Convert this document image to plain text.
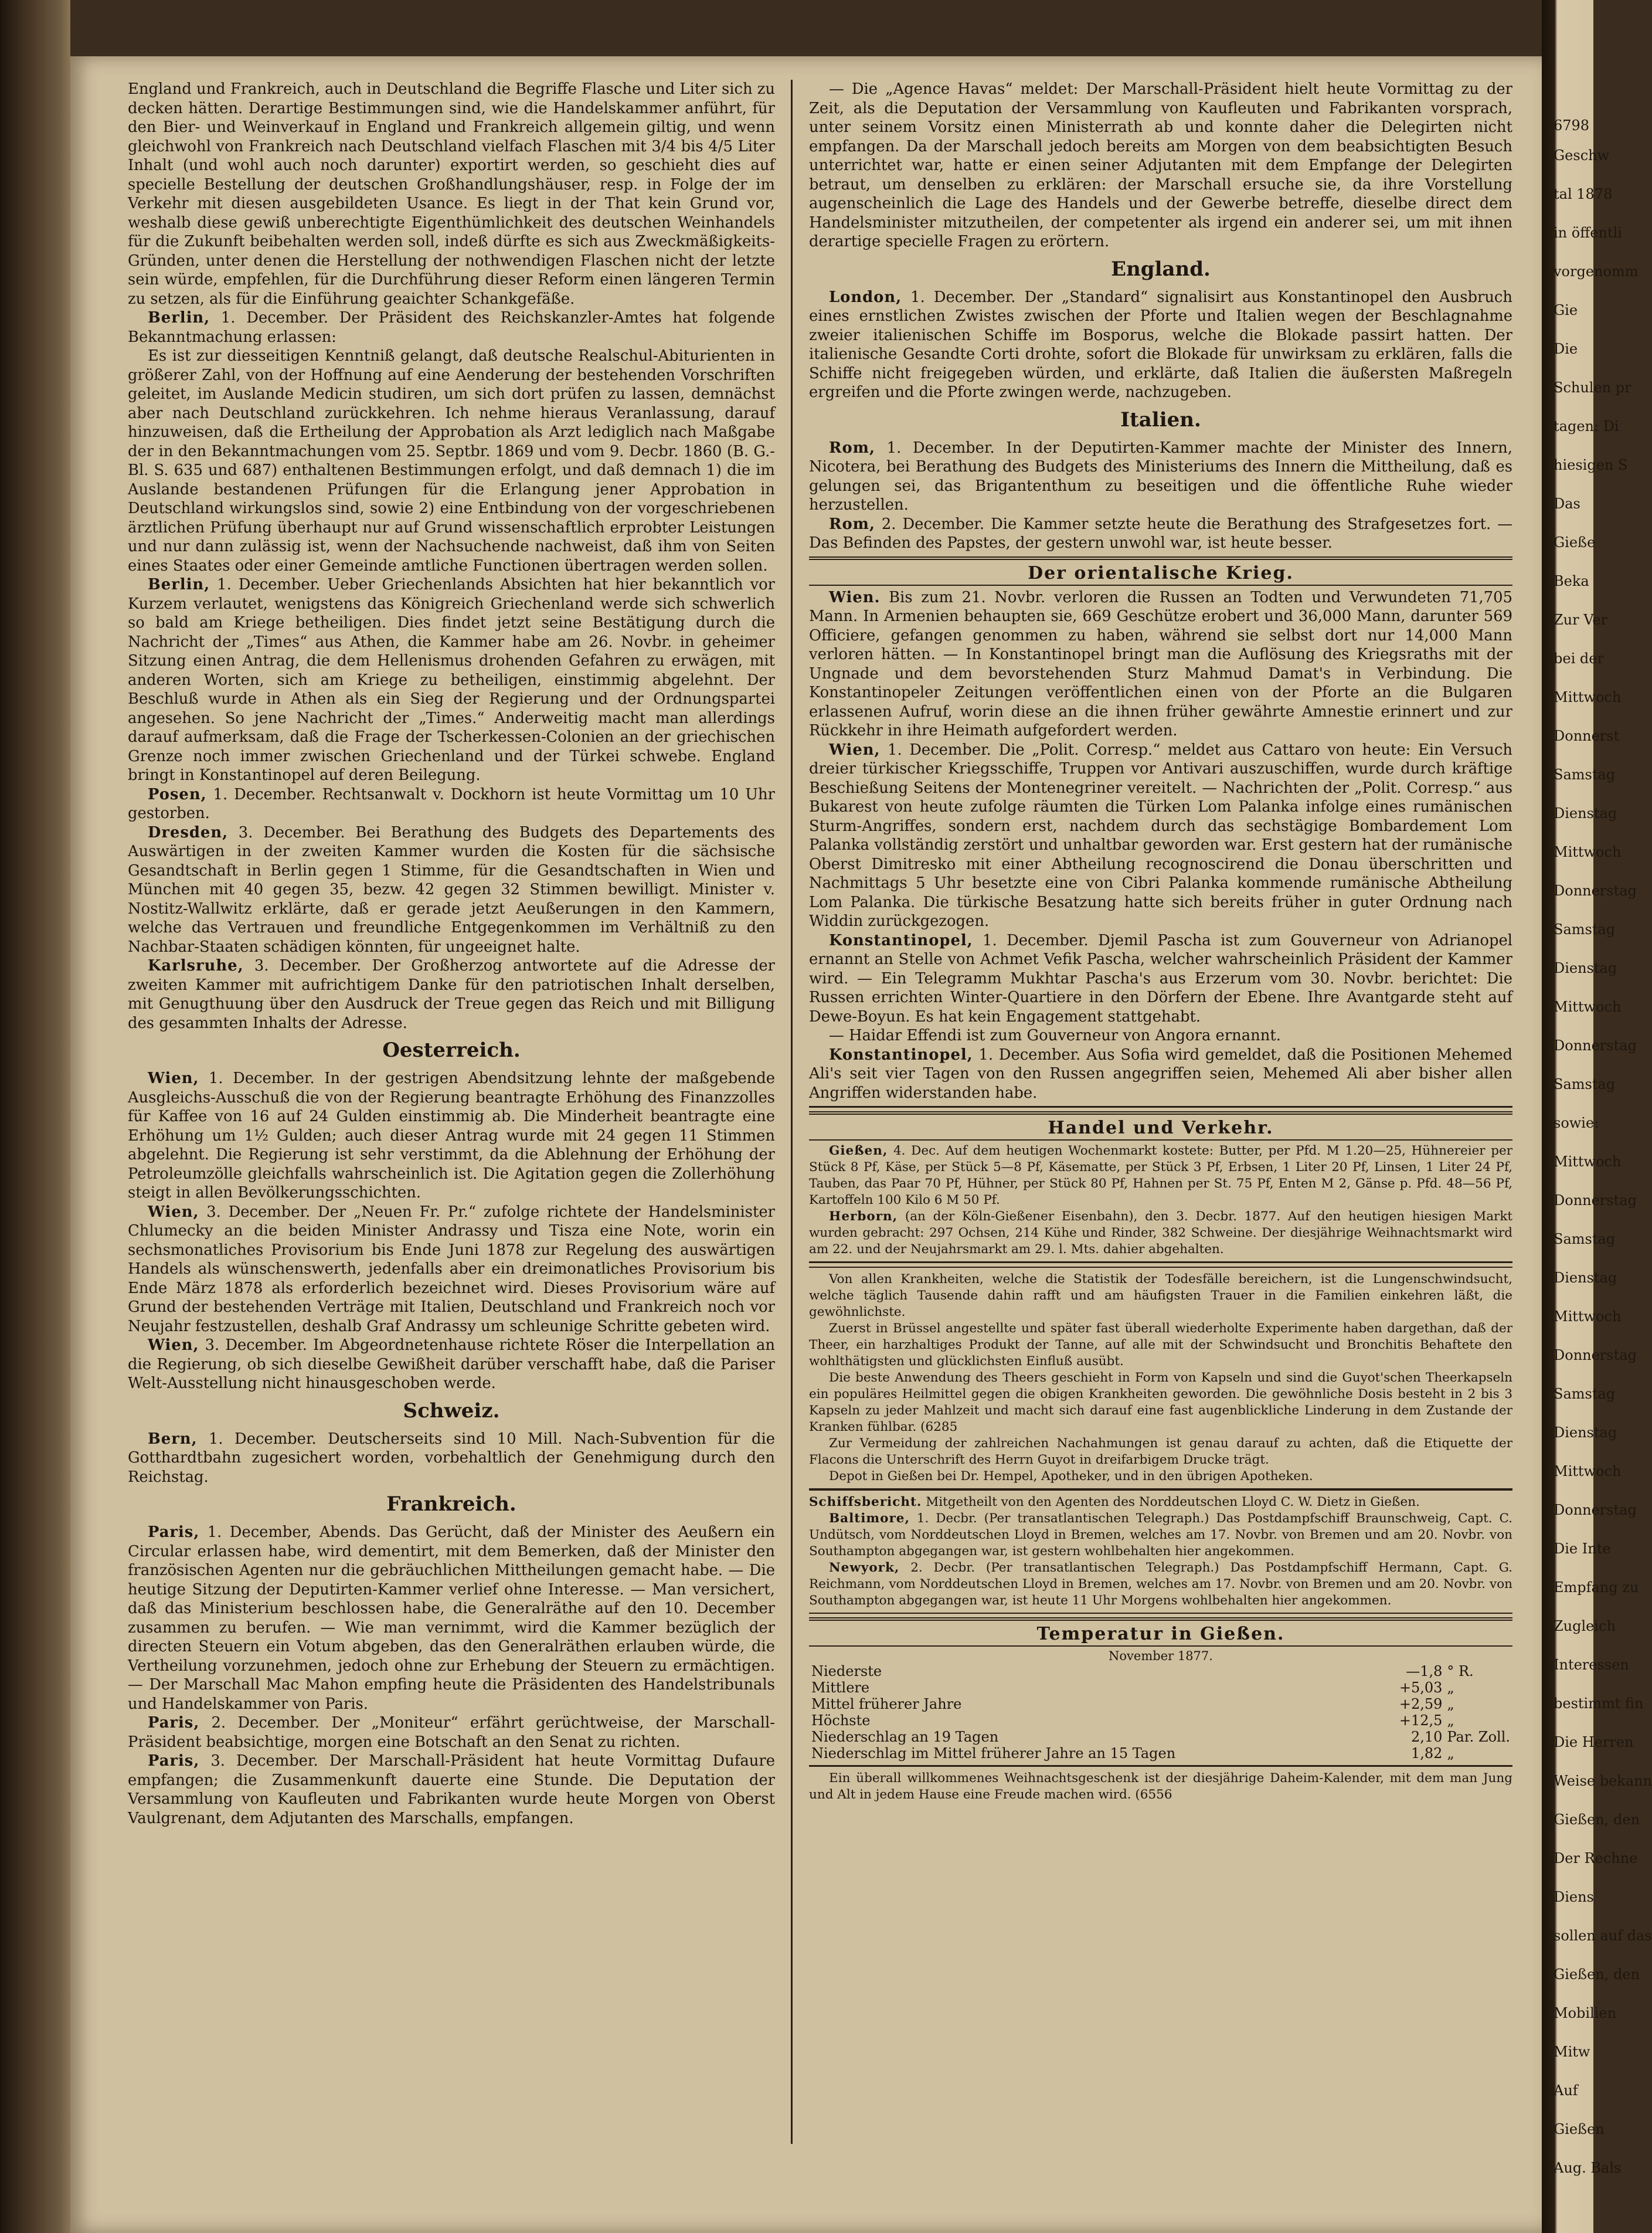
England und Frankreich, auch in Deutschland die Begriffe Flasche und Liter sich zu decken hätten. Derartige Bestimmungen sind, wie die Handelskammer anführt, für den Bier- und Weinverkauf in England und Frankreich allgemein giltig, und wenn gleichwohl von Frankreich nach Deutschland vielfach Flaschen mit 3/4 bis 4/5 Liter Inhalt (und wohl auch noch darunter) exportirt werden, so geschieht dies auf specielle Bestellung der deutschen Großhandlungshäuser, resp. in Folge der im Verkehr mit diesen ausgebildeten Usance. Es liegt in der That kein Grund vor, weshalb diese gewiß unberechtigte Eigenthümlichkeit des deutschen Weinhandels für die Zukunft beibehalten werden soll, indeß dürfte es sich aus Zweckmäßigkeits-Gründen, unter denen die Herstellung der nothwendigen Flaschen nicht der letzte sein würde, empfehlen, für die Durchführung dieser Reform einen längeren Termin zu setzen, als für die Einführung geaichter Schankgefäße.

Berlin, 1. December. Der Präsident des Reichskanzler-Amtes hat folgende Bekanntmachung erlassen:

Es ist zur diesseitigen Kenntniß gelangt, daß deutsche Realschul-Abiturienten in größerer Zahl, von der Hoffnung auf eine Aenderung der bestehenden Vorschriften geleitet, im Auslande Medicin studiren, um sich dort prüfen zu lassen, demnächst aber nach Deutschland zurückkehren. Ich nehme hieraus Veranlassung, darauf hinzuweisen, daß die Ertheilung der Approbation als Arzt lediglich nach Maßgabe der in den Bekanntmachungen vom 25. Septbr. 1869 und vom 9. Decbr. 1860 (B. G.-Bl. S. 635 und 687) enthaltenen Bestimmungen erfolgt, und daß demnach 1) die im Auslande bestandenen Prüfungen für die Erlangung jener Approbation in Deutschland wirkungslos sind, sowie 2) eine Entbindung von der vorgeschriebenen ärztlichen Prüfung überhaupt nur auf Grund wissenschaftlich erprobter Leistungen und nur dann zulässig ist, wenn der Nachsuchende nachweist, daß ihm von Seiten eines Staates oder einer Gemeinde amtliche Functionen übertragen werden sollen.

Berlin, 1. December. Ueber Griechenlands Absichten hat hier bekanntlich vor Kurzem verlautet, wenigstens das Königreich Griechenland werde sich schwerlich so bald am Kriege betheiligen. Dies findet jetzt seine Bestätigung durch die Nachricht der „Times“ aus Athen, die Kammer habe am 26. Novbr. in geheimer Sitzung einen Antrag, die dem Hellenismus drohenden Gefahren zu erwägen, mit anderen Worten, sich am Kriege zu betheiligen, einstimmig abgelehnt. Der Beschluß wurde in Athen als ein Sieg der Regierung und der Ordnungspartei angesehen. So jene Nachricht der „Times.“ Anderweitig macht man allerdings darauf aufmerksam, daß die Frage der Tscherkessen-Colonien an der griechischen Grenze noch immer zwischen Griechenland und der Türkei schwebe. England bringt in Konstantinopel auf deren Beilegung.

Posen, 1. December. Rechtsanwalt v. Dockhorn ist heute Vormittag um 10 Uhr gestorben.

Dresden, 3. December. Bei Berathung des Budgets des Departements des Auswärtigen in der zweiten Kammer wurden die Kosten für die sächsische Gesandtschaft in Berlin gegen 1 Stimme, für die Gesandtschaften in Wien und München mit 40 gegen 35, bezw. 42 gegen 32 Stimmen bewilligt. Minister v. Nostitz-Wallwitz erklärte, daß er gerade jetzt Aeußerungen in den Kammern, welche das Vertrauen und freundliche Entgegenkommen im Verhältniß zu den Nachbar-Staaten schädigen könnten, für ungeeignet halte.

Karlsruhe, 3. December. Der Großherzog antwortete auf die Adresse der zweiten Kammer mit aufrichtigem Danke für den patriotischen Inhalt derselben, mit Genugthuung über den Ausdruck der Treue gegen das Reich und mit Billigung des gesammten Inhalts der Adresse.

Oesterreich.

Wien, 1. December. In der gestrigen Abendsitzung lehnte der maßgebende Ausgleichs-Ausschuß die von der Regierung beantragte Erhöhung des Finanzzolles für Kaffee von 16 auf 24 Gulden einstimmig ab. Die Minderheit beantragte eine Erhöhung um 1½ Gulden; auch dieser Antrag wurde mit 24 gegen 11 Stimmen abgelehnt. Die Regierung ist sehr verstimmt, da die Ablehnung der Erhöhung der Petroleumzölle gleichfalls wahrscheinlich ist. Die Agitation gegen die Zollerhöhung steigt in allen Bevölkerungsschichten.

Wien, 3. December. Der „Neuen Fr. Pr.“ zufolge richtete der Handelsminister Chlumecky an die beiden Minister Andrassy und Tisza eine Note, worin ein sechsmonatliches Provisorium bis Ende Juni 1878 zur Regelung des auswärtigen Handels als wünschenswerth, jedenfalls aber ein dreimonatliches Provisorium bis Ende März 1878 als erforderlich bezeichnet wird. Dieses Provisorium wäre auf Grund der bestehenden Verträge mit Italien, Deutschland und Frankreich noch vor Neujahr festzustellen, deshalb Graf Andrassy um schleunige Schritte gebeten wird.

Wien, 3. December. Im Abgeordnetenhause richtete Röser die Interpellation an die Regierung, ob sich dieselbe Gewißheit darüber verschafft habe, daß die Pariser Welt-Ausstellung nicht hinausgeschoben werde.

Schweiz.

Bern, 1. December. Deutscherseits sind 10 Mill. Nach-Subvention für die Gotthardtbahn zugesichert worden, vorbehaltlich der Genehmigung durch den Reichstag.

Frankreich.

Paris, 1. December, Abends. Das Gerücht, daß der Minister des Aeußern ein Circular erlassen habe, wird dementirt, mit dem Bemerken, daß der Minister den französischen Agenten nur die gebräuchlichen Mittheilungen gemacht habe. — Die heutige Sitzung der Deputirten-Kammer verlief ohne Interesse. — Man versichert, daß das Ministerium beschlossen habe, die Generalräthe auf den 10. December zusammen zu berufen. — Wie man vernimmt, wird die Kammer bezüglich der directen Steuern ein Votum abgeben, das den Generalräthen erlauben würde, die Vertheilung vorzunehmen, jedoch ohne zur Erhebung der Steuern zu ermächtigen. — Der Marschall Mac Mahon empfing heute die Präsidenten des Handelstribunals und Handelskammer von Paris.

Paris, 2. December. Der „Moniteur“ erfährt gerüchtweise, der Marschall-Präsident beabsichtige, morgen eine Botschaft an den Senat zu richten.

Paris, 3. December. Der Marschall-Präsident hat heute Vormittag Dufaure empfangen; die Zusammenkunft dauerte eine Stunde. Die Deputation der Versammlung von Kaufleuten und Fabrikanten wurde heute Morgen von Oberst Vaulgrenant, dem Adjutanten des Marschalls, empfangen.

— Die „Agence Havas“ meldet: Der Marschall-Präsident hielt heute Vormittag zu der Zeit, als die Deputation der Versammlung von Kaufleuten und Fabrikanten vorsprach, unter seinem Vorsitz einen Ministerrath ab und konnte daher die Delegirten nicht empfangen. Da der Marschall jedoch bereits am Morgen von dem beabsichtigten Besuch unterrichtet war, hatte er einen seiner Adjutanten mit dem Empfange der Delegirten betraut, um denselben zu erklären: der Marschall ersuche sie, da ihre Vorstellung augenscheinlich die Lage des Handels und der Gewerbe betreffe, dieselbe direct dem Handelsminister mitzutheilen, der competenter als irgend ein anderer sei, um mit ihnen derartige specielle Fragen zu erörtern.

England.

London, 1. December. Der „Standard“ signalisirt aus Konstantinopel den Ausbruch eines ernstlichen Zwistes zwischen der Pforte und Italien wegen der Beschlagnahme zweier italienischen Schiffe im Bosporus, welche die Blokade passirt hatten. Der italienische Gesandte Corti drohte, sofort die Blokade für unwirksam zu erklären, falls die Schiffe nicht freigegeben würden, und erklärte, daß Italien die äußersten Maßregeln ergreifen und die Pforte zwingen werde, nachzugeben.

Italien.

Rom, 1. December. In der Deputirten-Kammer machte der Minister des Innern, Nicotera, bei Berathung des Budgets des Ministeriums des Innern die Mittheilung, daß es gelungen sei, das Brigantenthum zu beseitigen und die öffentliche Ruhe wieder herzustellen.

Rom, 2. December. Die Kammer setzte heute die Berathung des Strafgesetzes fort. — Das Befinden des Papstes, der gestern unwohl war, ist heute besser.

Der orientalische Krieg.

Wien. Bis zum 21. Novbr. verloren die Russen an Todten und Verwundeten 71,705 Mann. In Armenien behaupten sie, 669 Geschütze erobert und 36,000 Mann, darunter 569 Officiere, gefangen genommen zu haben, während sie selbst dort nur 14,000 Mann verloren hätten. — In Konstantinopel bringt man die Auflösung des Kriegsraths mit der Ungnade und dem bevorstehenden Sturz Mahmud Damat's in Verbindung. Die Konstantinopeler Zeitungen veröffentlichen einen von der Pforte an die Bulgaren erlassenen Aufruf, worin diese an die ihnen früher gewährte Amnestie erinnert und zur Rückkehr in ihre Heimath aufgefordert werden.

Wien, 1. December. Die „Polit. Corresp.“ meldet aus Cattaro von heute: Ein Versuch dreier türkischer Kriegsschiffe, Truppen vor Antivari auszuschiffen, wurde durch kräftige Beschießung Seitens der Montenegriner vereitelt. — Nachrichten der „Polit. Corresp.“ aus Bukarest von heute zufolge räumten die Türken Lom Palanka infolge eines rumänischen Sturm-Angriffes, sondern erst, nachdem durch das sechstägige Bombardement Lom Palanka vollständig zerstört und unhaltbar geworden war. Erst gestern hat der rumänische Oberst Dimitresko mit einer Abtheilung recognoscirend die Donau überschritten und Nachmittags 5 Uhr besetzte eine von Cibri Palanka kommende rumänische Abtheilung Lom Palanka. Die türkische Besatzung hatte sich bereits früher in guter Ordnung nach Widdin zurückgezogen.

Konstantinopel, 1. December. Djemil Pascha ist zum Gouverneur von Adrianopel ernannt an Stelle von Achmet Vefik Pascha, welcher wahrscheinlich Präsident der Kammer wird. — Ein Telegramm Mukhtar Pascha's aus Erzerum vom 30. Novbr. berichtet: Die Russen errichten Winter-Quartiere in den Dörfern der Ebene. Ihre Avantgarde steht auf Dewe-Boyun. Es hat kein Engagement stattgehabt.

— Haidar Effendi ist zum Gouverneur von Angora ernannt.

Konstantinopel, 1. December. Aus Sofia wird gemeldet, daß die Positionen Mehemed Ali's seit vier Tagen von den Russen angegriffen seien, Mehemed Ali aber bisher allen Angriffen widerstanden habe.

Handel und Verkehr.

Gießen, 4. Dec. Auf dem heutigen Wochenmarkt kostete: Butter, per Pfd. M 1.20—25, Hühnereier per Stück 8 Pf, Käse, per Stück 5—8 Pf, Käsematte, per Stück 3 Pf, Erbsen, 1 Liter 20 Pf, Linsen, 1 Liter 24 Pf, Tauben, das Paar 70 Pf, Hühner, per Stück 80 Pf, Hahnen per St. 75 Pf, Enten M 2, Gänse p. Pfd. 48—56 Pf, Kartoffeln 100 Kilo 6 M 50 Pf.

Herborn, (an der Köln-Gießener Eisenbahn), den 3. Decbr. 1877. Auf den heutigen hiesigen Markt wurden gebracht: 297 Ochsen, 214 Kühe und Rinder, 382 Schweine. Der diesjährige Weihnachtsmarkt wird am 22. und der Neujahrsmarkt am 29. l. Mts. dahier abgehalten.

Von allen Krankheiten, welche die Statistik der Todesfälle bereichern, ist die Lungenschwindsucht, welche täglich Tausende dahin rafft und am häufigsten Trauer in die Familien einkehren läßt, die gewöhnlichste.

Zuerst in Brüssel angestellte und später fast überall wiederholte Experimente haben dargethan, daß der Theer, ein harzhaltiges Produkt der Tanne, auf alle mit der Schwindsucht und Bronchitis Behaftete den wohlthätigsten und glücklichsten Einfluß ausübt.

Die beste Anwendung des Theers geschieht in Form von Kapseln und sind die Guyot'schen Theerkapseln ein populäres Heilmittel gegen die obigen Krankheiten geworden. Die gewöhnliche Dosis besteht in 2 bis 3 Kapseln zu jeder Mahlzeit und macht sich darauf eine fast augenblickliche Linderung in dem Zustande der Kranken fühlbar. (6285

Zur Vermeidung der zahlreichen Nachahmungen ist genau darauf zu achten, daß die Etiquette der Flacons die Unterschrift des Herrn Guyot in dreifarbigem Drucke trägt.

Depot in Gießen bei Dr. Hempel, Apotheker, und in den übrigen Apotheken.

Schiffsbericht. Mitgetheilt von den Agenten des Norddeutschen Lloyd C. W. Dietz in Gießen.

Baltimore, 1. Decbr. (Per transatlantischen Telegraph.) Das Postdampfschiff Braunschweig, Capt. C. Undütsch, vom Norddeutschen Lloyd in Bremen, welches am 17. Novbr. von Bremen und am 20. Novbr. von Southampton abgegangen war, ist gestern wohlbehalten hier angekommen.

Newyork, 2. Decbr. (Per transatlantischen Telegraph.) Das Postdampfschiff Hermann, Capt. G. Reichmann, vom Norddeutschen Lloyd in Bremen, welches am 17. Novbr. von Bremen und am 20. Novbr. von Southampton abgegangen war, ist heute 11 Uhr Morgens wohlbehalten hier angekommen.

Temperatur in Gießen.
November 1877.
Niederste	—1,8	° R.
Mittlere	+5,03	„
Mittel früherer Jahre	+2,59	„
Höchste	+12,5	„
Niederschlag an 19 Tagen	2,10	Par. Zoll.
Niederschlag im Mittel früherer Jahre an 15 Tagen	1,82	„

Ein überall willkommenes Weihnachtsgeschenk ist der diesjährige Daheim-Kalender, mit dem man Jung und Alt in jedem Hause eine Freude machen wird. (6556

6798
Geschw
tal 1878
in öffentli
vorgenomm
Gie
Die
Schulen pr
tagen: Di
hiesigen S
Das
Gieße
Beka
Zur Ver
bei der
Mittwoch
Donnerst
Samstag
Dienstag
Mittwoch
Donnerstag
Samstag
Dienstag
Mittwoch
Donnerstag
Samstag
sowie:
Mittwoch
Donnerstag
Samstag
Dienstag
Mittwoch
Donnerstag
Samstag
Dienstag
Mittwoch
Donnerstag
Die Inte
Empfang zu
Zugleich
Interessen
bestimmt fin
Die Herren
Weise bekann
Gießen, den
Der Rechne
Diens
sollen auf das
Gießen, den
Mobilien
Mitw
Auf
Gießen
Aug. Bals
